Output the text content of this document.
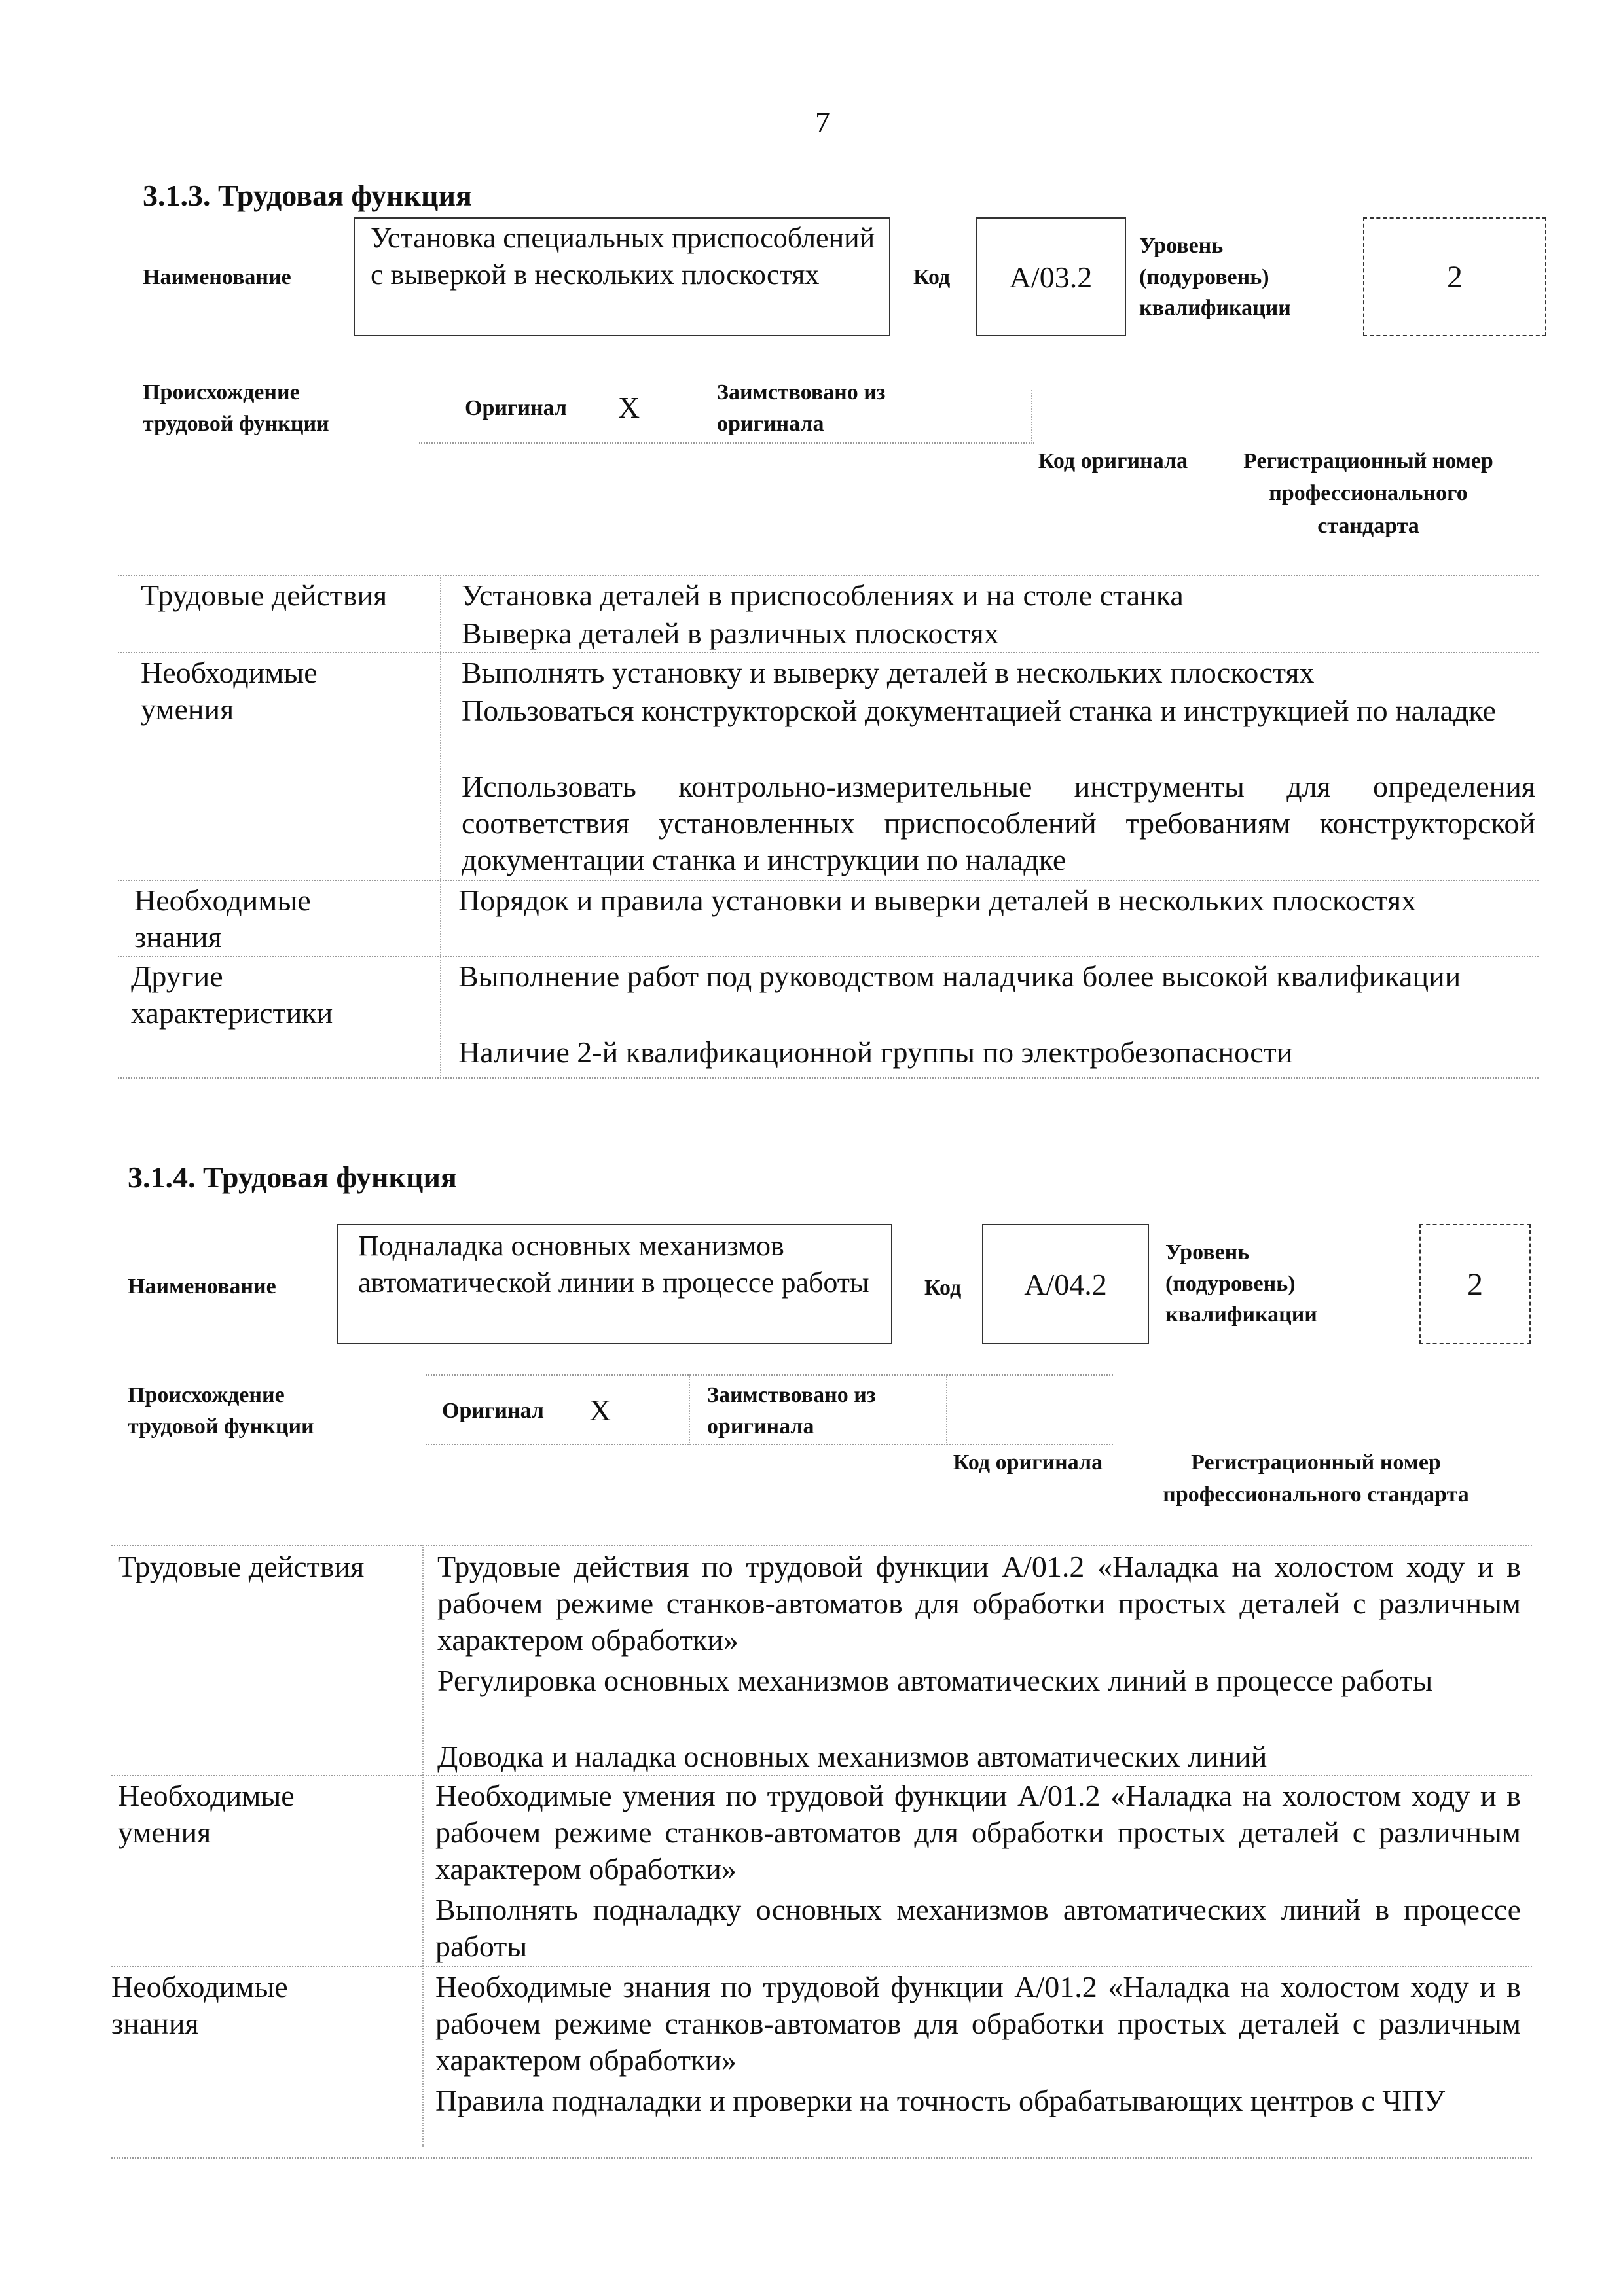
7
3.1.3. Трудовая функция
Наименование
Установка специальных приспособлений с выверкой в нескольких плоскостях	Код	А/03.2
Уровень (подуровень) квалификации
2
Происхождение трудовой функции
Оригинал X	Заимствовано из оригинала
Код оригинала	Регистрационный номер профессионального стандарта
Трудовые действия	Установка деталей в приспособлениях и на столе станка
Выверка деталей в различных плоскостях
Необходимые умения
Выполнять установку и выверку деталей в нескольких плоскостях
Пользоваться конструкторской документацией станка и инструкцией по наладке
Использовать контрольно-измерительные инструменты для определения соответствия установленных приспособлений требованиям конструкторской документации станка и инструкции по наладке
Необходимые знания
Порядок и правила установки и выверки деталей в нескольких плоскостях
Другие характеристики
Выполнение работ под руководством наладчика более высокой квалификации
Наличие 2-й квалификационной группы по электробезопасности
3.1.4. Трудовая функция
Наименование
Подналадка основных механизмов автоматической линии в процессе работы	Код	А/04.2
Уровень (подуровень) квалификации
2
Происхождение трудовой функции
Оригинал X	Заимствовано из оригинала
Код оригинала	Регистрационный номер профессионального стандарта
Трудовые действия	Трудовые действия по трудовой функции А/01.2 «Наладка на холостом ходу и в рабочем режиме станков-автоматов для обработки простых деталей с различным характером обработки»
Регулировка основных механизмов автоматических линий в процессе работы
Доводка и наладка основных механизмов автоматических линий
Необходимые умения
Необходимые умения по трудовой функции А/01.2 «Наладка на холостом ходу и в рабочем режиме станков-автоматов для обработки простых деталей с различным характером обработки»
Выполнять подналадку основных механизмов автоматических линий в процессе работы
Необходимые знания
Необходимые знания по трудовой функции А/01.2 «Наладка на холостом ходу и в рабочем режиме станков-автоматов для обработки простых деталей с различным характером обработки»
Правила подналадки и проверки на точность обрабатывающих центров с ЧПУ
